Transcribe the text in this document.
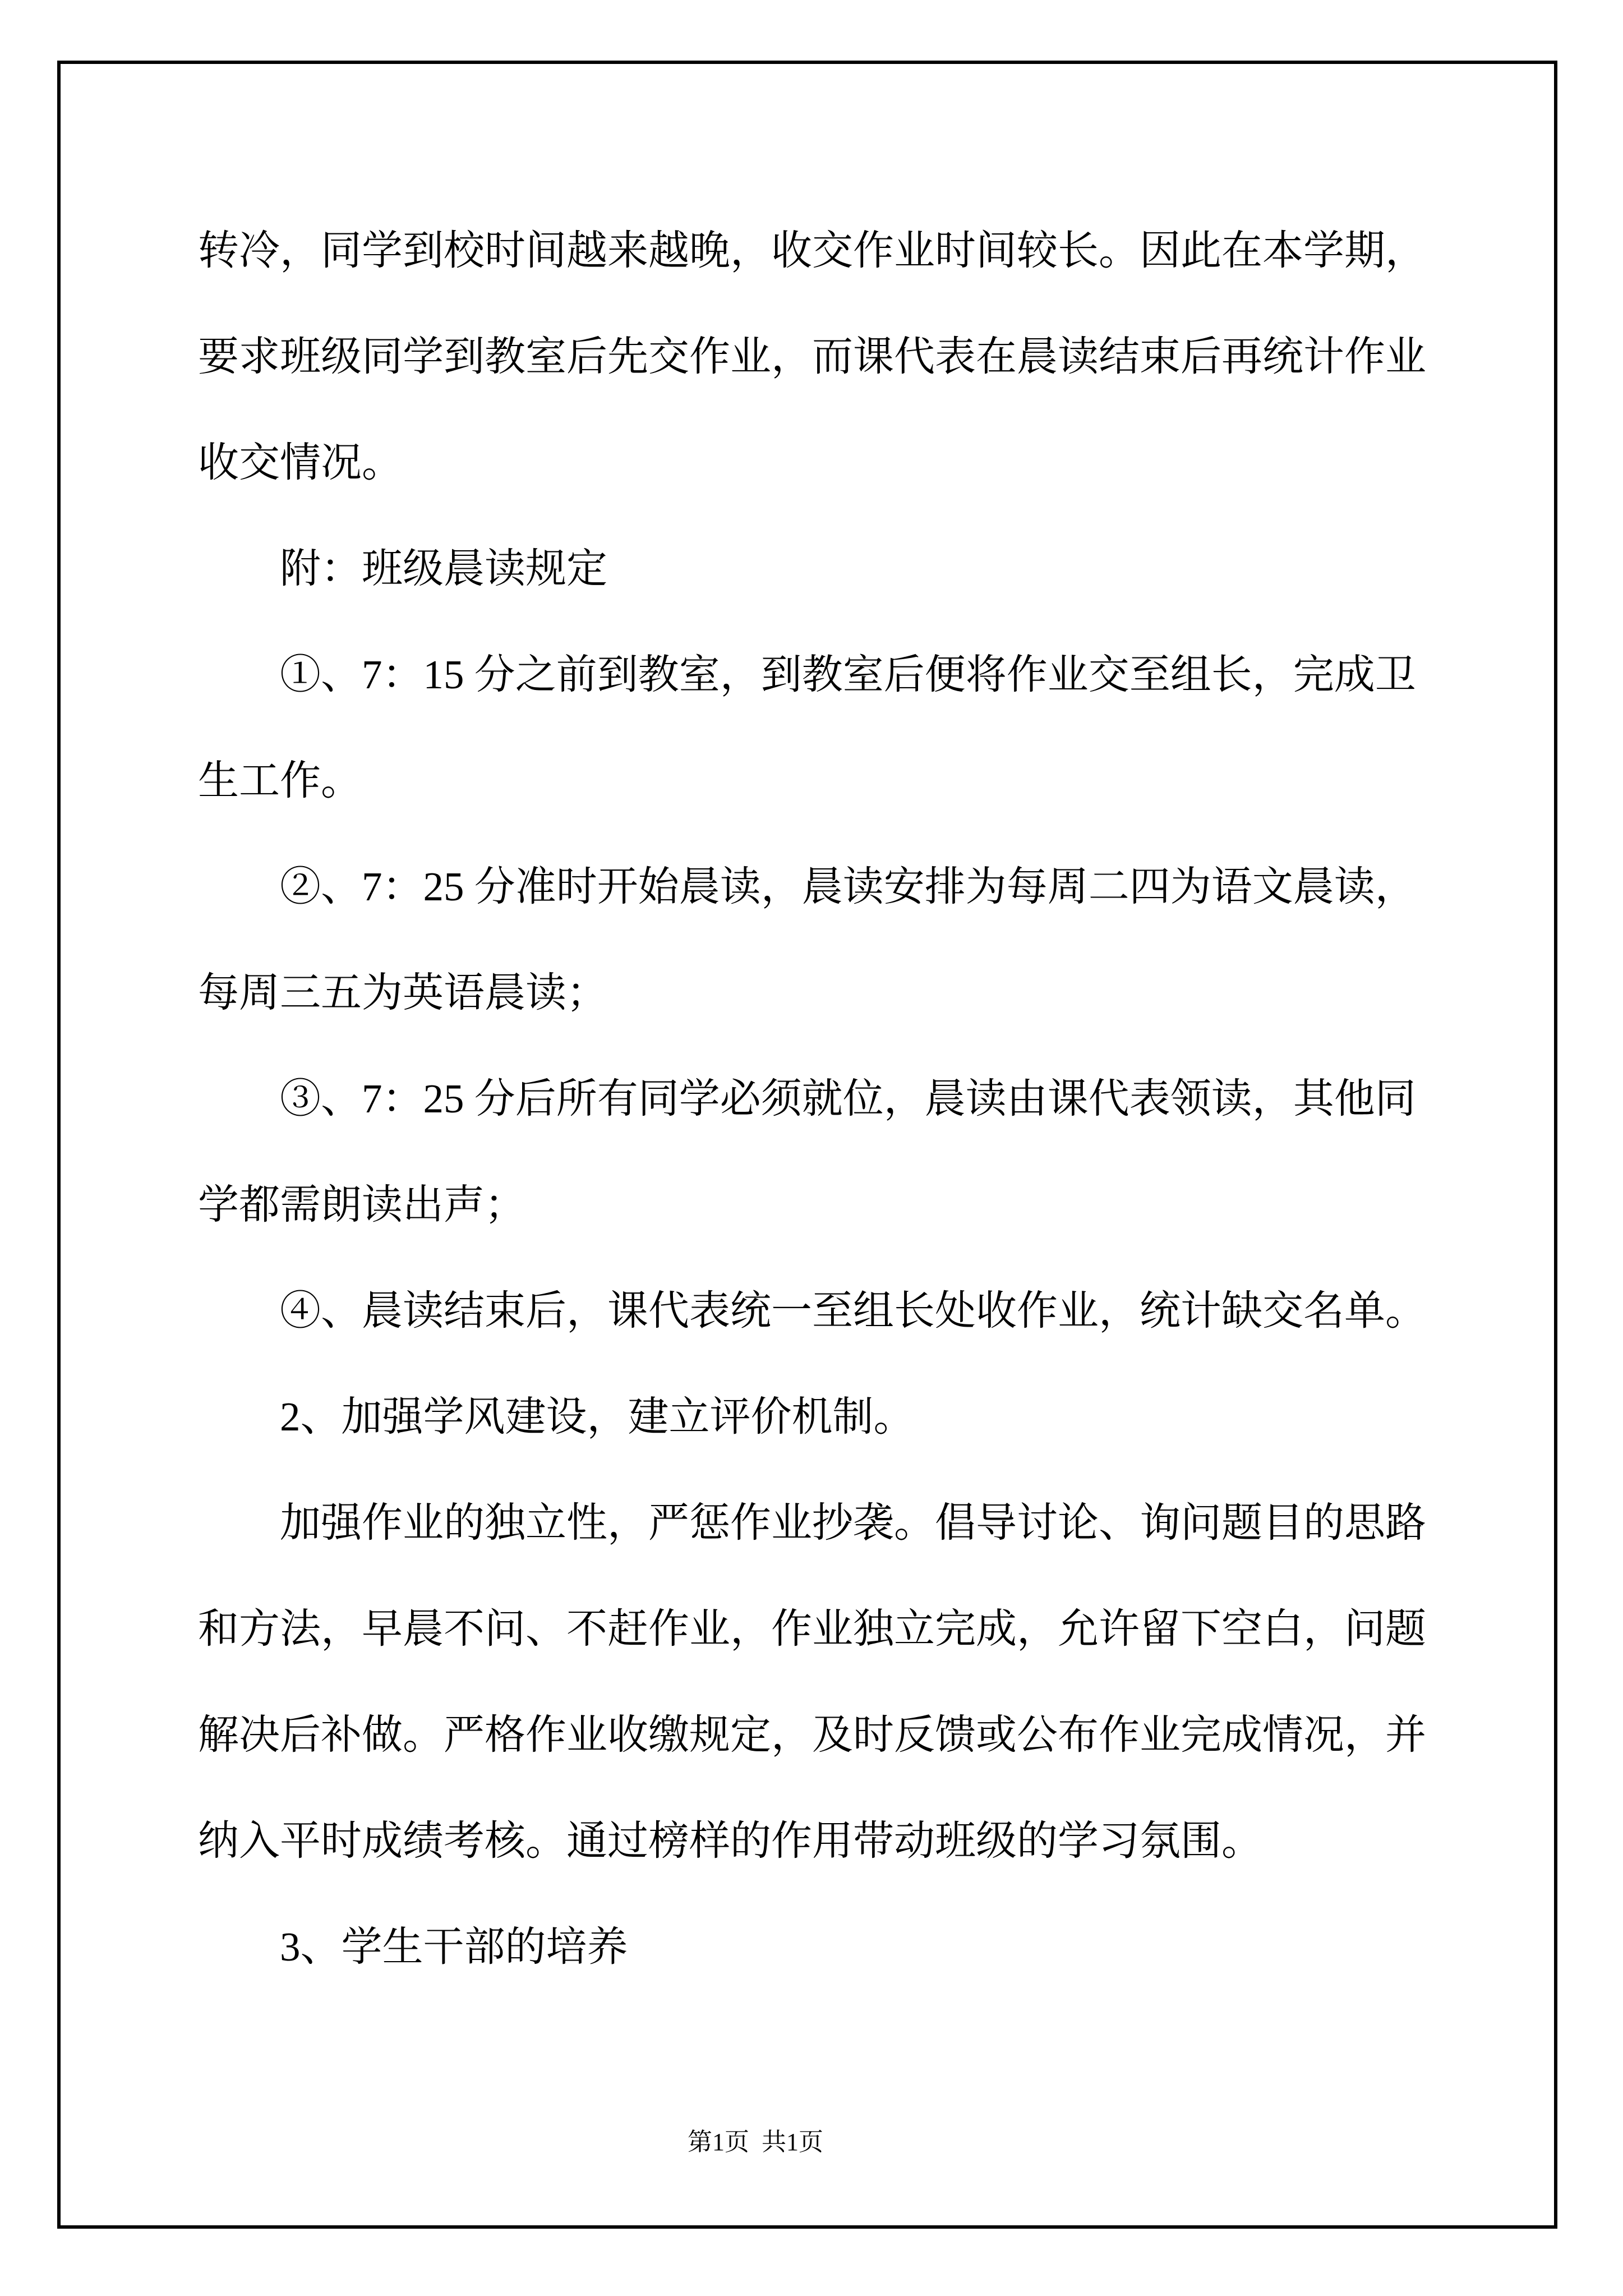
转冷，同学到校时间越来越晚，收交作业时间较长。因此在本学期，
要求班级同学到教室后先交作业，而课代表在晨读结束后再统计作业
收交情况。
附：班级晨读规定
①、7：15 分之前到教室，到教室后便将作业交至组长，完成卫
生工作。
②、7：25 分准时开始晨读，晨读安排为每周二四为语文晨读，
每周三五为英语晨读；
③、7：25 分后所有同学必须就位，晨读由课代表领读，其他同
学都需朗读出声；
④、晨读结束后，课代表统一至组长处收作业，统计缺交名单。
2、加强学风建设，建立评价机制。
加强作业的独立性，严惩作业抄袭。倡导讨论、询问题目的思路
和方法，早晨不问、不赶作业，作业独立完成，允许留下空白，问题
解决后补做。严格作业收缴规定，及时反馈或公布作业完成情况，并
纳入平时成绩考核。通过榜样的作用带动班级的学习氛围。
3、学生干部的培养
第1页  共1页
